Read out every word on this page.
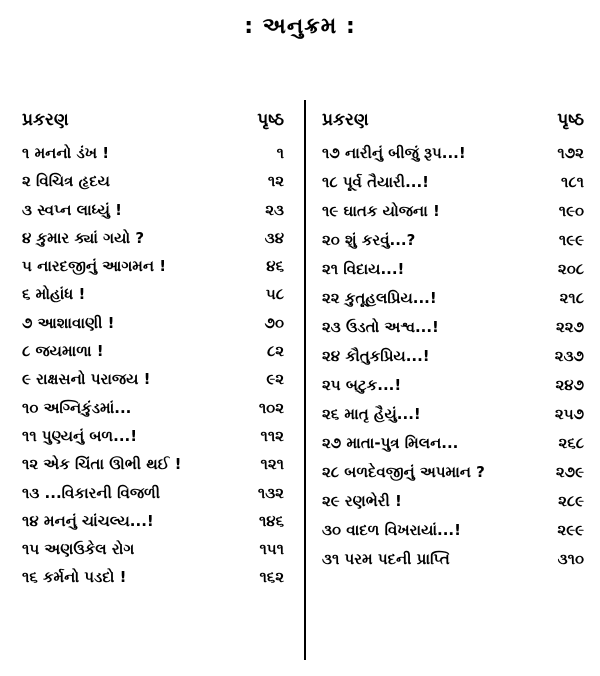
: અનુક્રમ :
પ્રકરણ	પૃષ્ઠ
૧ મનનો ડંખ !	૧
૨ વિચિત્ર હૃદય	૧૨
૩ સ્વપ્ન લાધ્યું !	૨૩
૪ કુમાર ક્યાં ગયો ?	૩૪
૫ નારદજીનું આગમન !	૪૬
૬ મોહાંધ !	૫૮
૭ આશાવાણી !	૭૦
૮ જયમાળા !	૮૨
૯ રાક્ષસનો પરાજય !	૯૨
૧૦ અગ્નિકુંડમાં...	૧૦૨
૧૧ પુણ્યનું બળ...!	૧૧૨
૧૨ એક ચિંતા ઊભી થઈ !	૧૨૧
૧૩ ...વિકારની વિજળી	૧૩૨
૧૪ મનનું ચાંચલ્ય...!	૧૪૬
૧૫ અણઉકેલ રોગ	૧૫૧
૧૬ કર્મનો પડદો !	૧૬૨
પ્રકરણ	પૃષ્ઠ
૧૭ નારીનું બીજું રૂપ...!	૧૭૨
૧૮ પૂર્વ તૈયારી...!	૧૮૧
૧૯ ઘાતક યોજના !	૧૯૦
૨૦ શું કરવું...?	૧૯૯
૨૧ વિદાય...!	૨૦૮
૨૨ કુતૂહલપ્રિય...!	૨૧૮
૨૩ ઉડતો અશ્વ...!	૨૨૭
૨૪ કૌતુકપ્રિય...!	૨૩૭
૨૫ બટુક...!	૨૪૭
૨૬ માતૃ હૈયું...!	૨૫૭
૨૭ માતા-પુત્ર મિલન...	૨૬૮
૨૮ બળદેવજીનું અપમાન ?	૨૭૯
૨૯ રણભેરી !	૨૮૯
૩૦ વાદળ વિખરાયાં...!	૨૯૯
૩૧ પરમ પદની પ્રાપ્તિ	૩૧૦
